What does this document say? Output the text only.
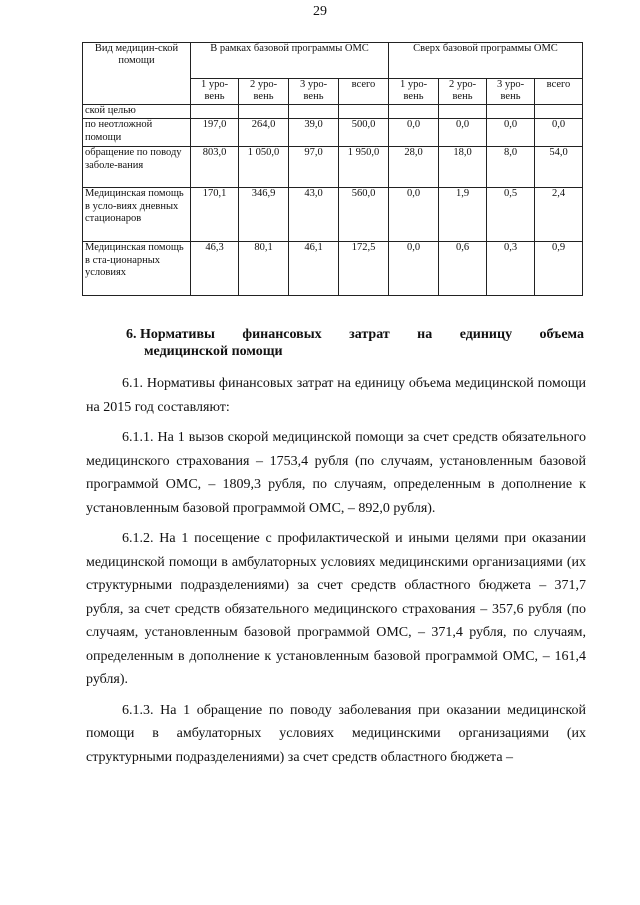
29
Вид медицин-ской помощи	В рамках базовой программы ОМС				Сверх базовой программы ОМС			
	1 уро-вень	2 уро-вень	3 уро-вень	всего	1 уро-вень	2 уро-вень	3 уро-вень	всего
ской целью								
по неотложной помощи	197,0	264,0	39,0	500,0	0,0	0,0	0,0	0,0
обращение по поводу заболе-вания	803,0	1 050,0	97,0	1 950,0	28,0	18,0	8,0	54,0
Медицинская помощь в усло-виях дневных стационаров	170,1	346,9	43,0	560,0	0,0	1,9	0,5	2,4
Медицинская помощь в ста-ционарных условиях	46,3	80,1	46,1	172,5	0,0	0,6	0,3	0,9
6. Нормативы финансовых затрат на единицу объема
медицинской помощи

6.1. Нормативы финансовых затрат на единицу объема медицинской помощи на 2015 год составляют:

6.1.1. На 1 вызов скорой медицинской помощи за счет средств обязательного медицинского страхования – 1753,4 рубля (по случаям, установленным базовой программой ОМС, – 1809,3 рубля, по случаям, определенным в дополнение к установленным базовой программой ОМС, – 892,0 рубля).

6.1.2. На 1 посещение с профилактической и иными целями при оказании медицинской помощи в амбулаторных условиях медицинскими организациями (их структурными подразделениями) за счет средств областного бюджета – 371,7 рубля, за счет средств обязательного медицинского страхования – 357,6 рубля (по случаям, установленным базовой программой ОМС, – 371,4 рубля, по случаям, определенным в дополнение к установленным базовой программой ОМС, – 161,4 рубля).

6.1.3. На 1 обращение по поводу заболевания при оказании медицинской помощи в амбулаторных условиях медицинскими организациями (их структурными подразделениями) за счет средств областного бюджета –
